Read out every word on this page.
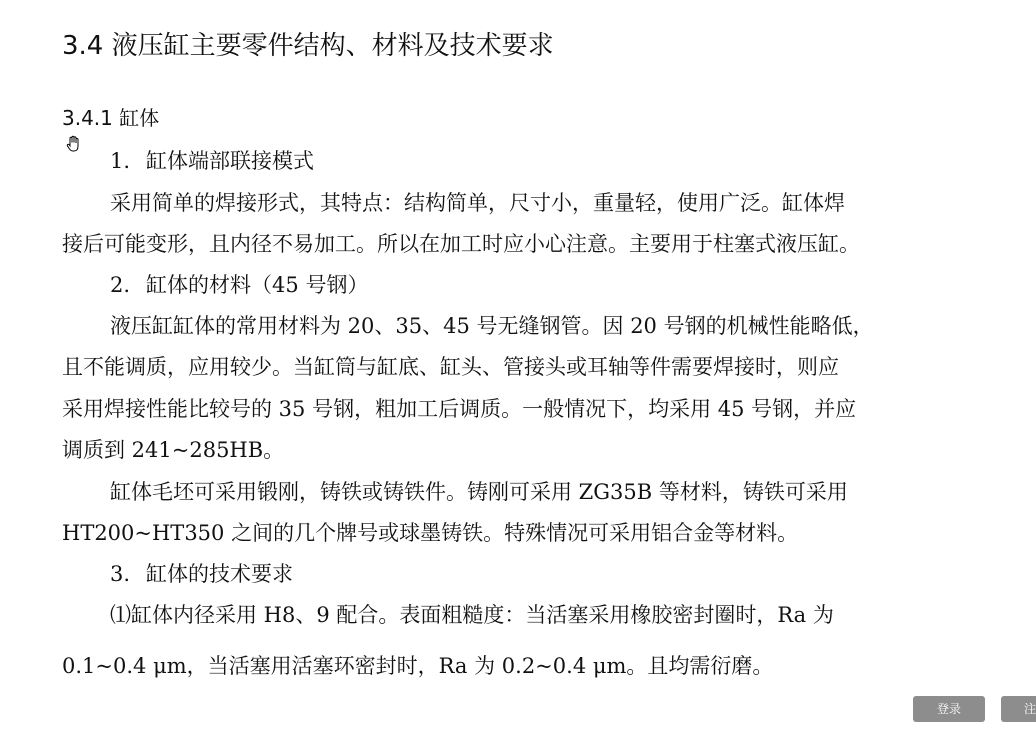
3.4 液压缸主要零件结构、材料及技术要求
3.4.1 缸体
1. 缸体端部联接模式
采用简单的焊接形式，其特点：结构简单，尺寸小，重量轻，使用广泛。缸体焊
接后可能变形，且内径不易加工。所以在加工时应小心注意。主要用于柱塞式液压缸。
2. 缸体的材料（45 号钢）
液压缸缸体的常用材料为 20、35、45 号无缝钢管。因 20 号钢的机械性能略低，
且不能调质，应用较少。当缸筒与缸底、缸头、管接头或耳轴等件需要焊接时，则应
采用焊接性能比较号的 35 号钢，粗加工后调质。一般情况下，均采用 45 号钢，并应
调质到 241~285HB。
缸体毛坯可采用锻刚，铸铁或铸铁件。铸刚可采用 ZG35B 等材料，铸铁可采用
HT200~HT350 之间的几个牌号或球墨铸铁。特殊情况可采用铝合金等材料。
3. 缸体的技术要求
⑴缸体内径采用 H8、9 配合。表面粗糙度：当活塞采用橡胶密封圈时，Ra 为
0.1~0.4 μm，当活塞用活塞环密封时，Ra 为 0.2~0.4 μm。且均需衍磨。
登录	注
